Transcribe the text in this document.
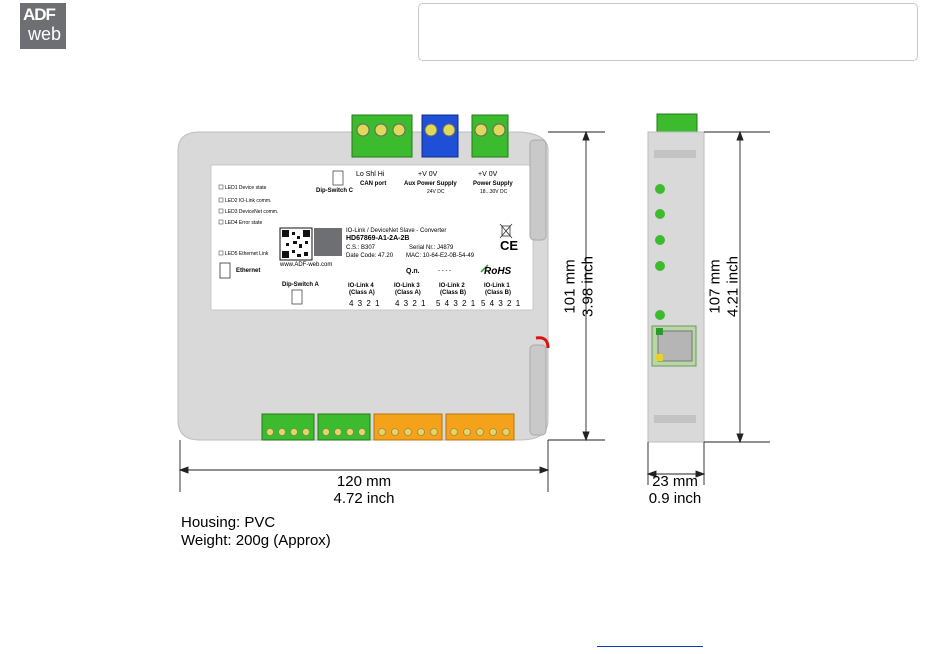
ADF
web
Lo Shl Hi
CAN port
+V 0V
Aux Power Supply
24V DC
+V 0V
Power Supply
18...30V DC
Dip-Switch C
LED1 Device state
LED2 IO-Link comm.
LED3 DeviceNet comm.
LED4 Error state
LED5 Ethernet Link
Ethernet
IO-Link / DeviceNet Slave - Converter
HD67869-A1-2A-2B
C.S.: B307	Serial Nr.: J4879
Date Code: 47.20 MAC: 10-64-E2-0B-54-49
www.ADF-web.com
Q.n.	- - - -
CE
RoHS
Dip-Switch A	IO-Link 4
(Class A)
4 3 2 1
IO-Link 3
(Class A)
4 3 2 1
IO-Link 2
(Class B)
5 4 3 2 1
IO-Link 1
(Class B)
5 4 3 2 1	101 mm 3.98 inch	107 mm 4.21 inch
120 mm
4.72 inch
23 mm
0.9 inch
Housing: PVC
Weight: 200g (Approx)
